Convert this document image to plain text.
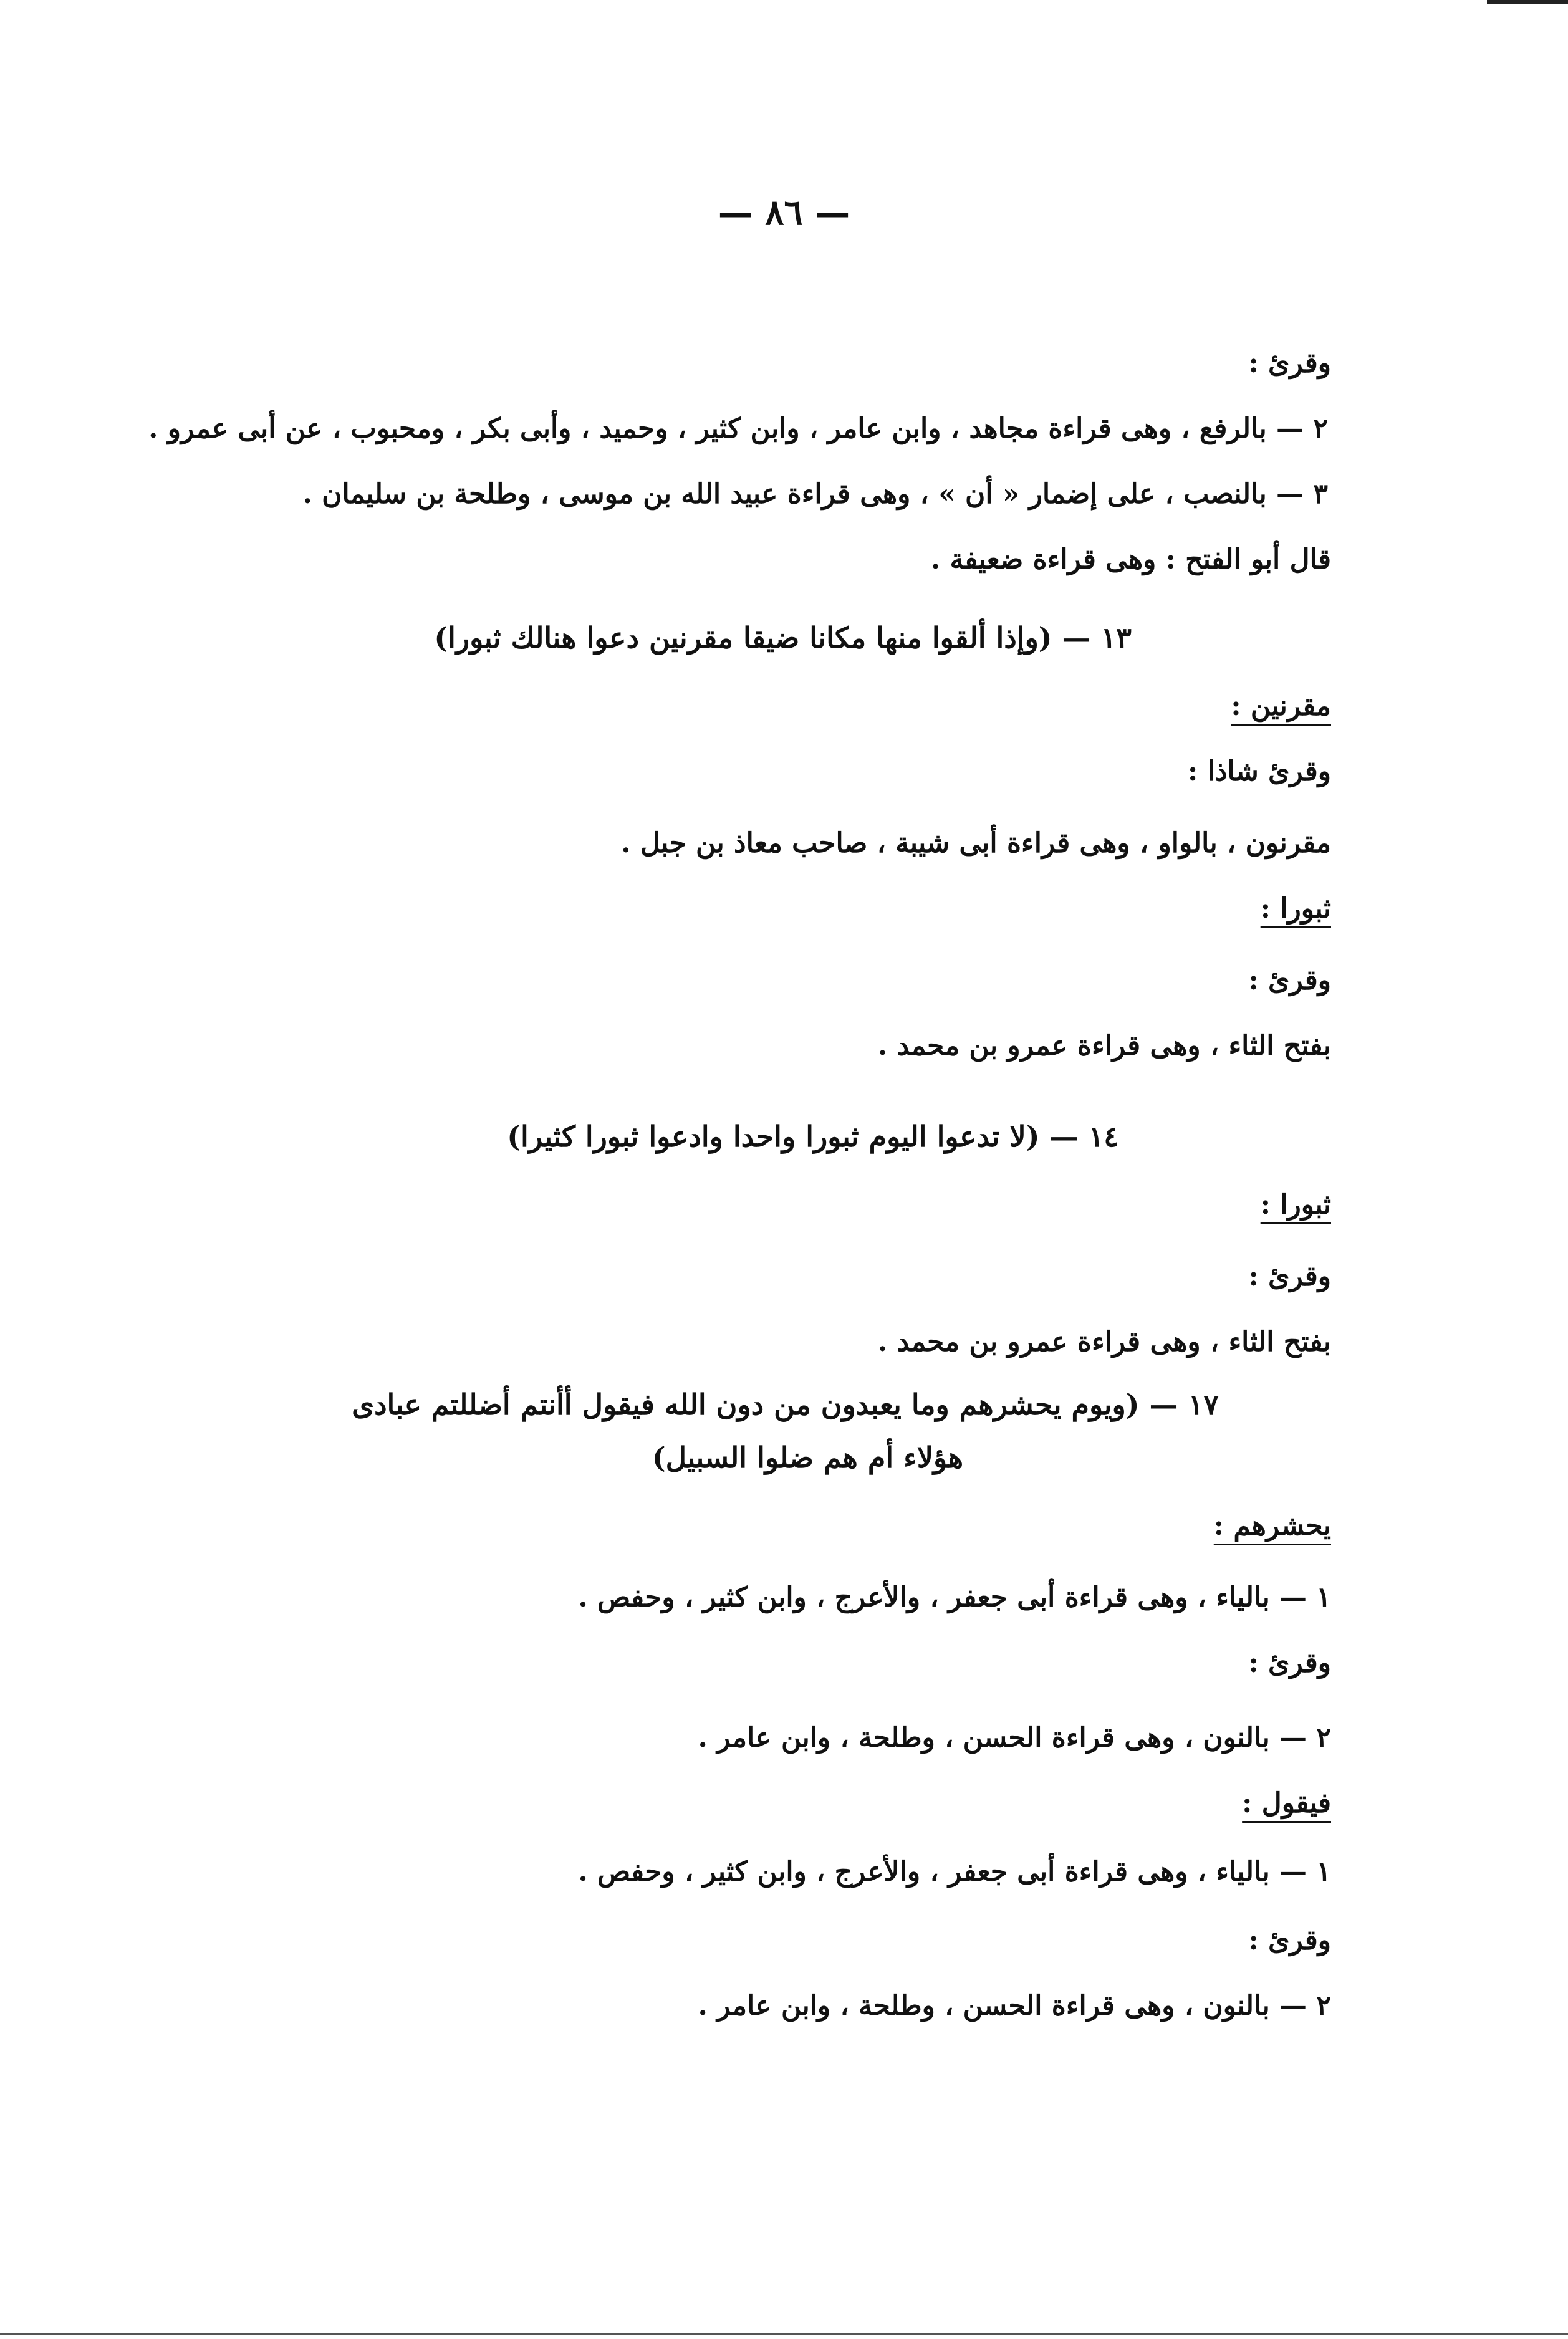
— ٨٦ —
وقرئ :
٢ — بالرفع ، وهى قراءة مجاهد ، وابن عامر ، وابن كثير ، وحميد ، وأبى بكر ، ومحبوب ، عن أبى عمرو .
٣ — بالنصب ، على إضمار « أن » ، وهى قراءة عبيد الله بن موسى ، وطلحة بن سليمان .
قال أبو الفتح : وهى قراءة ضعيفة .
١٣ — (وإذا ألقوا منها مكانا ضيقا مقرنين دعوا هنالك ثبورا)
مقرنين :
وقرئ شاذا :
مقرنون ، بالواو ، وهى قراءة أبى شيبة ، صاحب معاذ بن جبل .
ثبورا :
وقرئ :
بفتح الثاء ، وهى قراءة عمرو بن محمد .
١٤ — (لا تدعوا اليوم ثبورا واحدا وادعوا ثبورا كثيرا)
ثبورا :
وقرئ :
بفتح الثاء ، وهى قراءة عمرو بن محمد .
١٧ — (ويوم يحشرهم وما يعبدون من دون الله فيقول أأنتم أضللتم عبادى
هؤلاء أم هم ضلوا السبيل)
يحشرهم :
١ — بالياء ، وهى قراءة أبى جعفر ، والأعرج ، وابن كثير ، وحفص .
وقرئ :
٢ — بالنون ، وهى قراءة الحسن ، وطلحة ، وابن عامر .
فيقول :
١ — بالياء ، وهى قراءة أبى جعفر ، والأعرج ، وابن كثير ، وحفص .
وقرئ :
٢ — بالنون ، وهى قراءة الحسن ، وطلحة ، وابن عامر .
